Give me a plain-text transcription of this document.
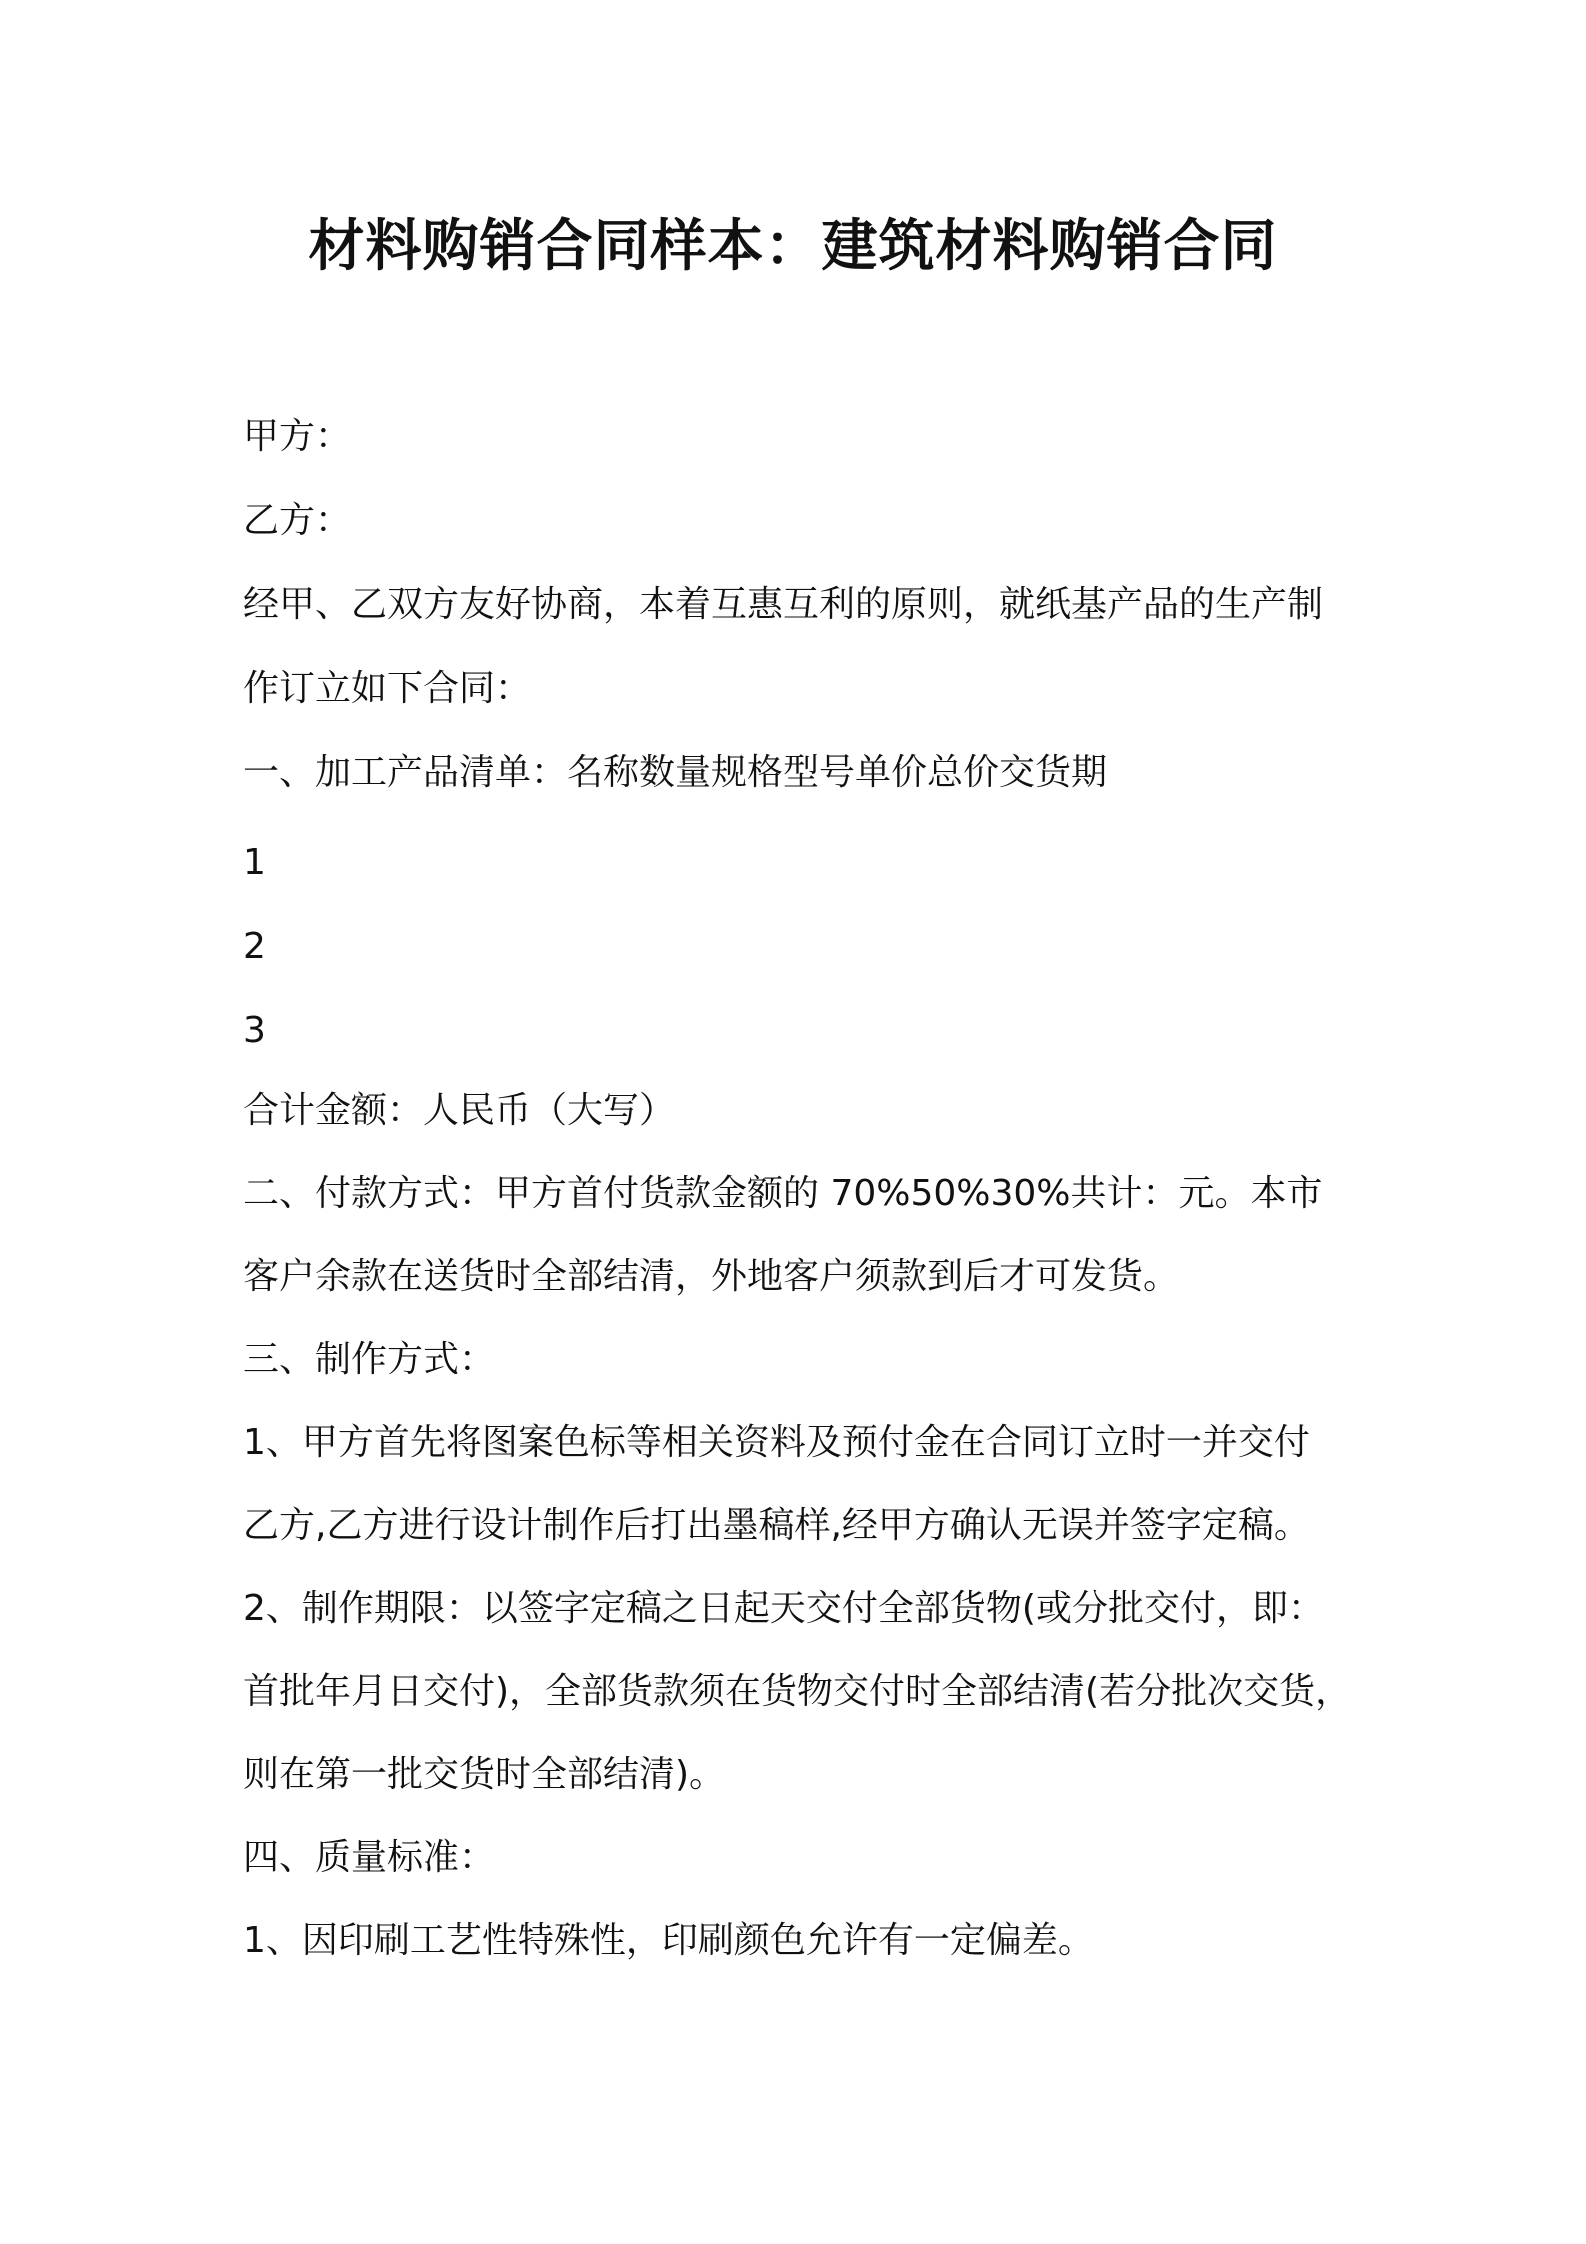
材料购销合同样本：建筑材料购销合同
甲方：
乙方：
经甲、乙双方友好协商，本着互惠互利的原则，就纸基产品的生产制
作订立如下合同：
一、加工产品清单：名称数量规格型号单价总价交货期
1
2
3
合计金额：人民币（大写）
二、付款方式：甲方首付货款金额的 70%50%30%共计：元。本市
客户余款在送货时全部结清，外地客户须款到后才可发货。
三、制作方式：
1、甲方首先将图案色标等相关资料及预付金在合同订立时一并交付
乙方,乙方进行设计制作后打出墨稿样,经甲方确认无误并签字定稿。
2、制作期限：以签字定稿之日起天交付全部货物(或分批交付，即：
首批年月日交付)，全部货款须在货物交付时全部结清(若分批次交货，
则在第一批交货时全部结清)。
四、质量标准：
1、因印刷工艺性特殊性，印刷颜色允许有一定偏差。
